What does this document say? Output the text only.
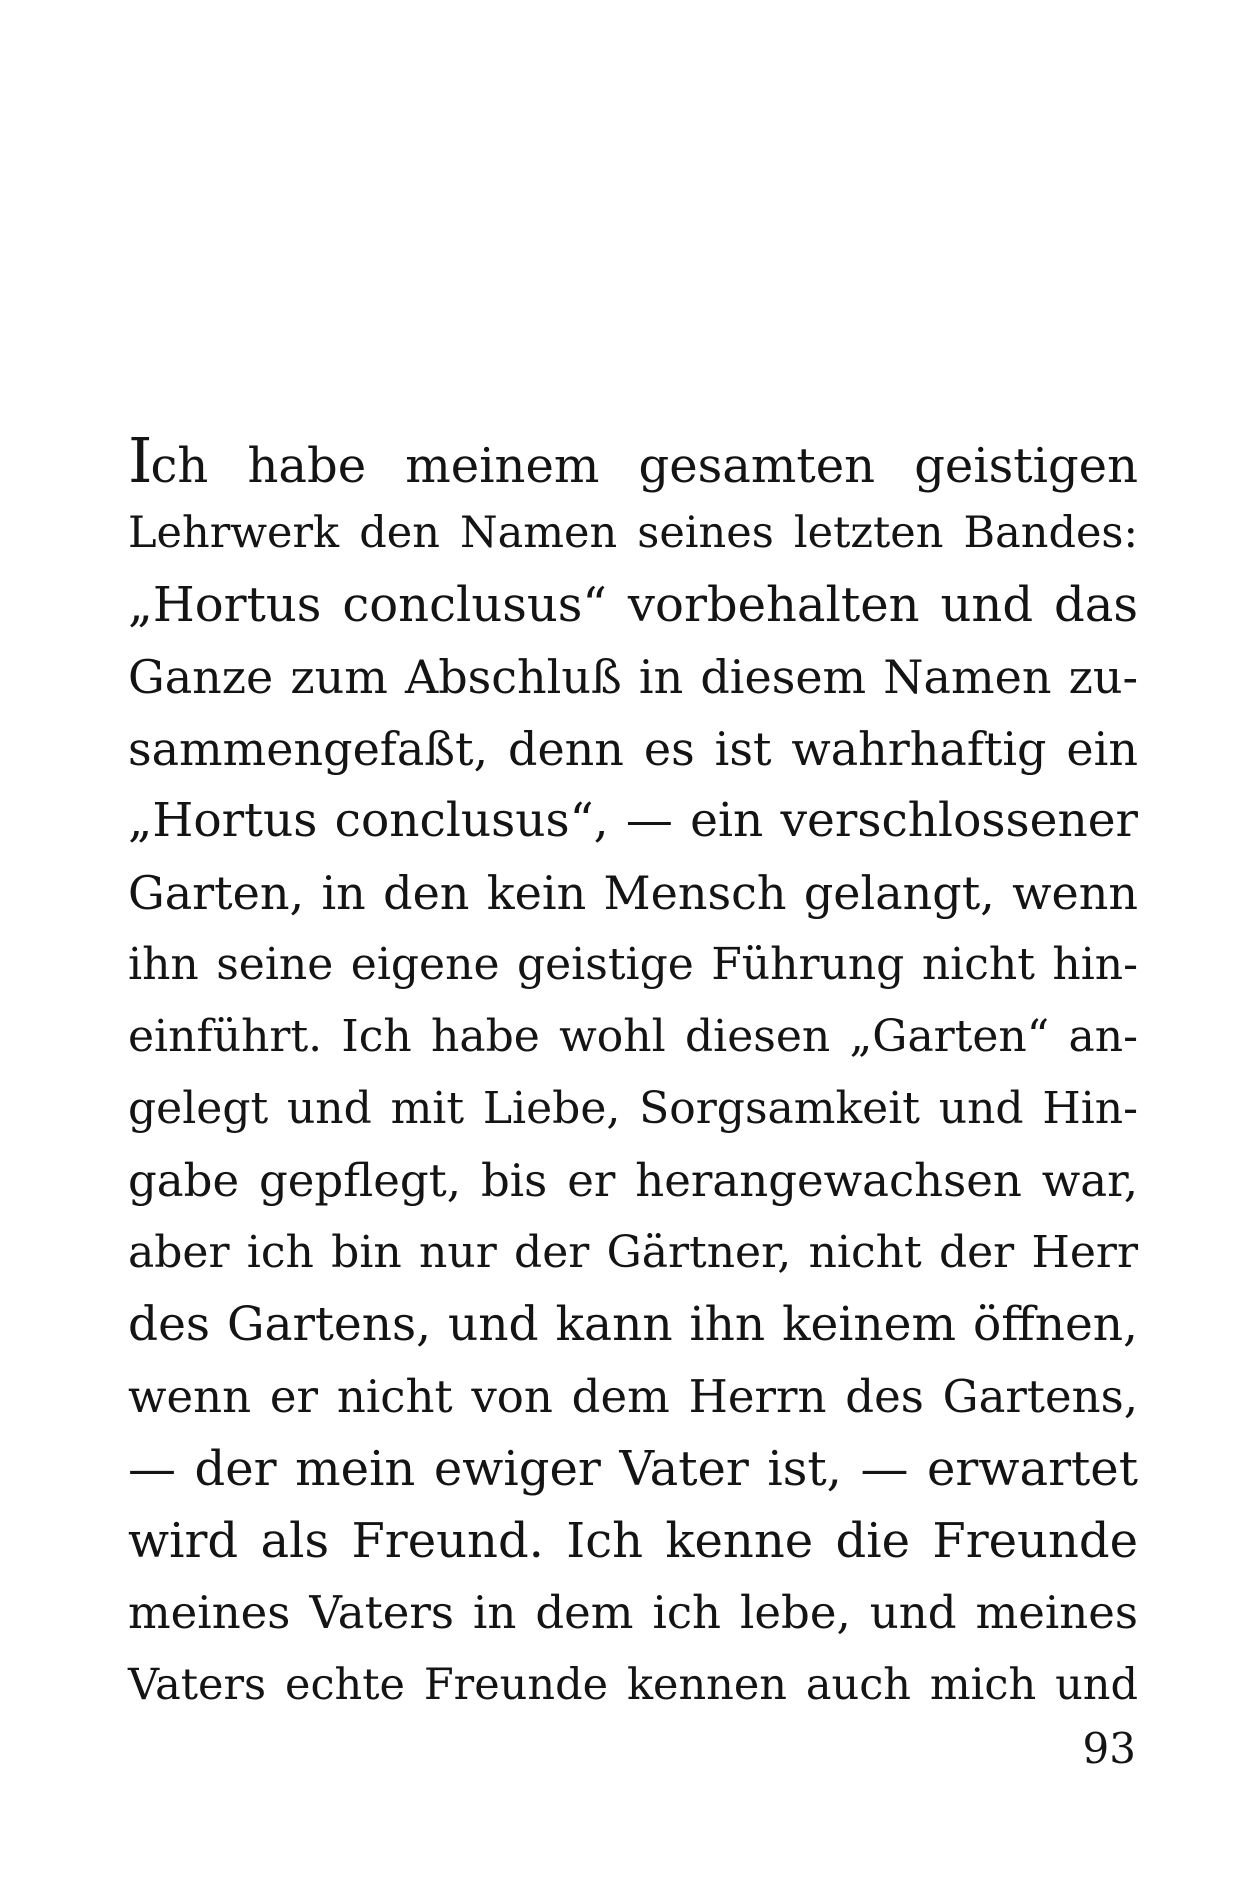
Ich habe meinem gesamten geistigen
Lehrwerk den Namen seines letzten Bandes:
„Hortus conclusus“ vorbehalten und das
Ganze zum Abschluß in diesem Namen zu-
sammengefaßt, denn es ist wahrhaftig ein
„Hortus conclusus“, — ein verschlossener
Garten, in den kein Mensch gelangt, wenn
ihn seine eigene geistige Führung nicht hin-
einführt. Ich habe wohl diesen „Garten“ an-
gelegt und mit Liebe, Sorgsamkeit und Hin-
gabe gepflegt, bis er herangewachsen war,
aber ich bin nur der Gärtner, nicht der Herr
des Gartens, und kann ihn keinem öffnen,
wenn er nicht von dem Herrn des Gartens,
— der mein ewiger Vater ist, — erwartet
wird als Freund. Ich kenne die Freunde
meines Vaters in dem ich lebe, und meines
Vaters echte Freunde kennen auch mich und
93
